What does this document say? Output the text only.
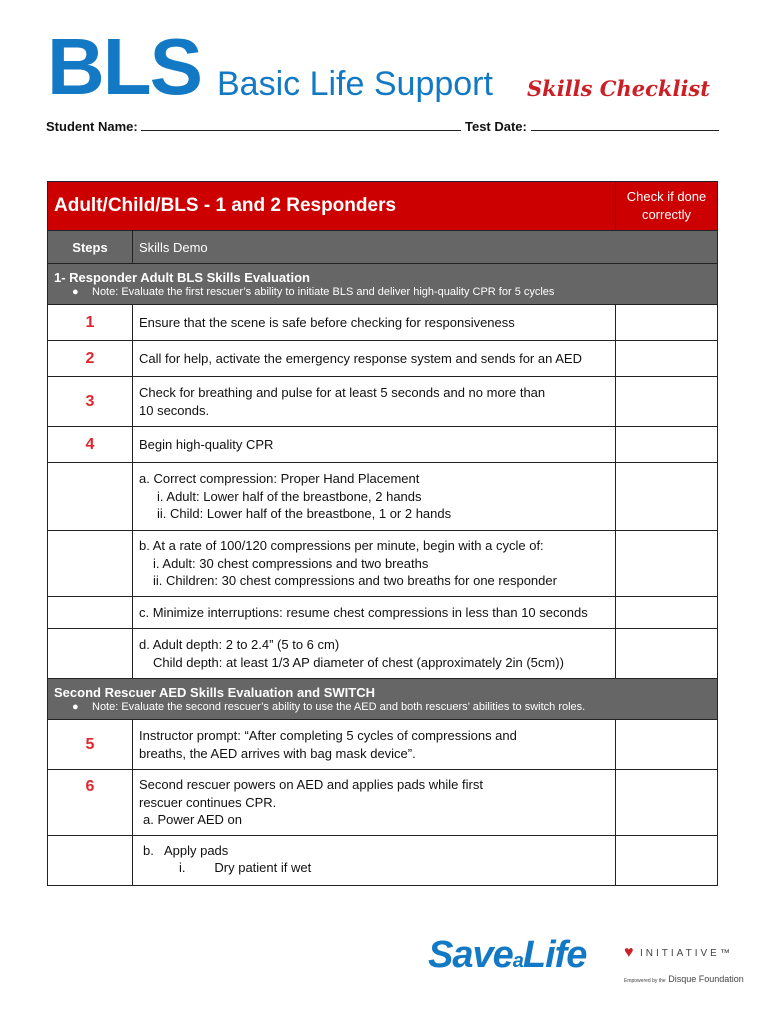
BLS Basic Life Support Skills Checklist
Student Name:	Test Date:
Adult/Child/BLS - 1 and 2 Responders		Check if done correctly
Steps	Skills Demo	

1- Responder Adult BLS Skills Evaluation
● Note: Evaluate the first rescuer’s ability to initiate BLS and deliver high-quality CPR for 5 cycles		

1	Ensure that the scene is safe before checking for responsiveness	
2	Call for help, activate the emergency response system and sends for an AED	
3	Check for breathing and pulse for at least 5 seconds and no more than
10 seconds.	

4	Begin high-quality CPR	

	a. Correct compression: Proper Hand Placement
i. Adult: Lower half of the breastbone, 2 hands
ii. Child: Lower half of the breastbone, 1 or 2 hands	

	b. At a rate of 100/120 compressions per minute, begin with a cycle of:
i. Adult: 30 chest compressions and two breaths
ii. Children: 30 chest compressions and two breaths for one responder	

	c. Minimize interruptions: resume chest compressions in less than 10 seconds	

	d. Adult depth: 2 to 2.4” (5 to 6 cm)
Child depth: at least 1/3 AP diameter of chest (approximately 2in (5cm))	

Second Rescuer AED Skills Evaluation and SWITCH
● Note: Evaluate the second rescuer’s ability to use the AED and both rescuers’ abilities to switch roles.		

5	Instructor prompt: “After completing 5 cycles of compressions and
breaths, the AED arrives with bag mask device”.	

6	Second rescuer powers on AED and applies pads while first
rescuer continues CPR.
a. Power AED on	

	b.   Apply pads
i.        Dry patient if wet	

SaveaLife ♥ INITIATIVE™
Empowered by the Disque Foundation
